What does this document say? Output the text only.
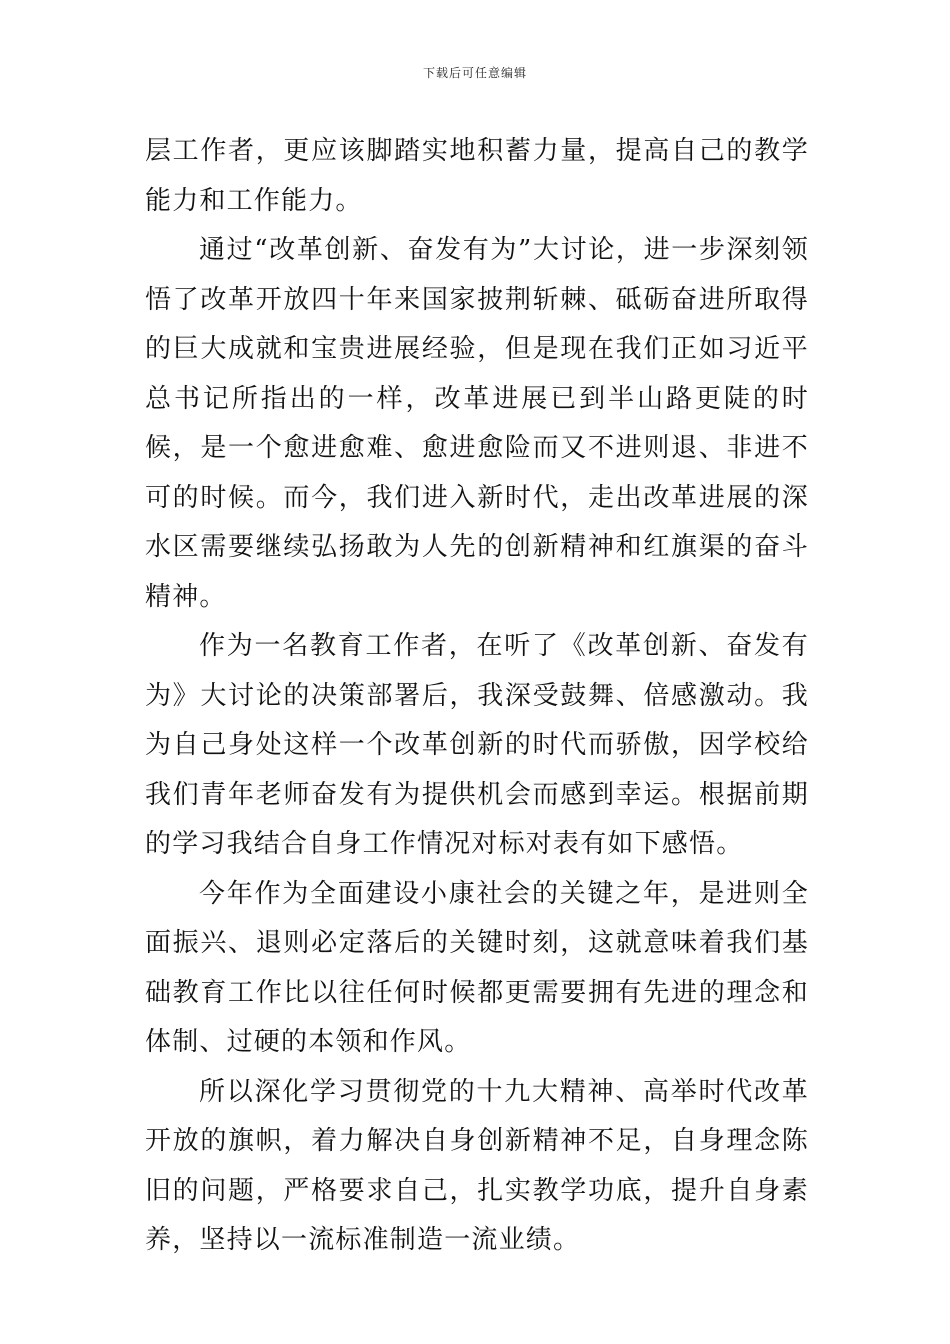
下载后可任意编辑

层工作者，更应该脚踏实地积蓄力量，提高自己的教学能力和工作能力。

通过“改革创新、奋发有为”大讨论，进一步深刻领悟了改革开放四十年来国家披荆斩棘、砥砺奋进所取得的巨大成就和宝贵进展经验，但是现在我们正如习近平总书记所指出的一样，改革进展已到半山路更陡的时候，是一个愈进愈难、愈进愈险而又不进则退、非进不可的时候。而今，我们进入新时代，走出改革进展的深水区需要继续弘扬敢为人先的创新精神和红旗渠的奋斗精神。

作为一名教育工作者，在听了《改革创新、奋发有为》大讨论的决策部署后，我深受鼓舞、倍感激动。我为自己身处这样一个改革创新的时代而骄傲，因学校给我们青年老师奋发有为提供机会而感到幸运。根据前期的学习我结合自身工作情况对标对表有如下感悟。

今年作为全面建设小康社会的关键之年，是进则全面振兴、退则必定落后的关键时刻，这就意味着我们基础教育工作比以往任何时候都更需要拥有先进的理念和体制、过硬的本领和作风。

所以深化学习贯彻党的十九大精神、高举时代改革开放的旗帜，着力解决自身创新精神不足，自身理念陈旧的问题，严格要求自己，扎实教学功底，提升自身素养，坚持以一流标准制造一流业绩。
